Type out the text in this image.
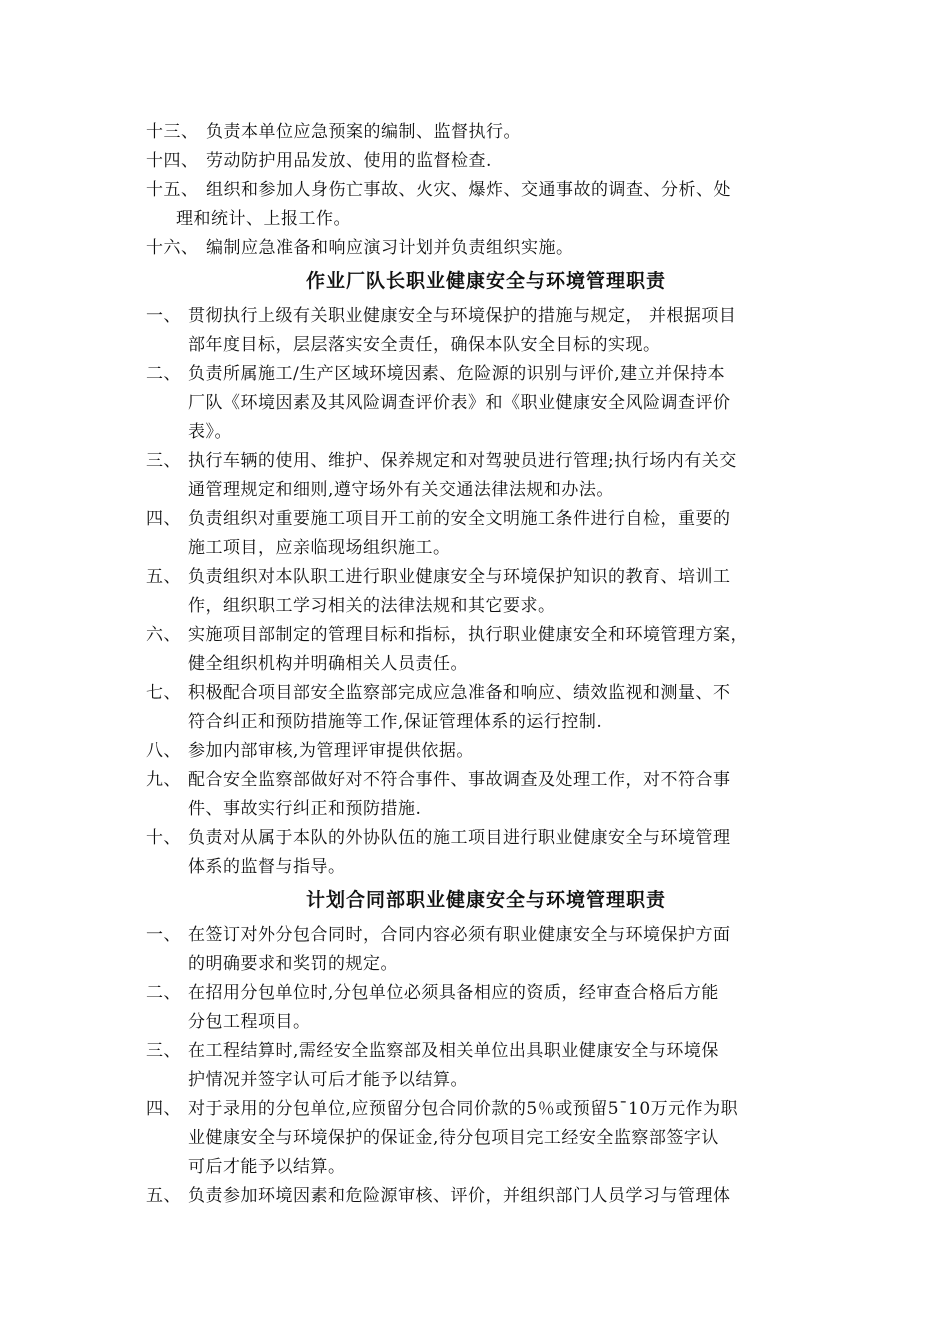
十三、 负责本单位应急预案的编制、监督执行。
十四、 劳动防护用品发放、使用的监督检查.
十五、 组织和参加人身伤亡事故、火灾、爆炸、交通事故的调查、分析、处
理和统计、上报工作。
十六、 编制应急准备和响应演习计划并负责组织实施。
作业厂队长职业健康安全与环境管理职责
一、 贯彻执行上级有关职业健康安全与环境保护的措施与规定， 并根据项目
部年度目标，层层落实安全责任，确保本队安全目标的实现。
二、 负责所属施工/生产区域环境因素、危险源的识别与评价,建立并保持本
厂队《环境因素及其风险调查评价表》和《职业健康安全风险调查评价
表》。
三、 执行车辆的使用、维护、保养规定和对驾驶员进行管理;执行场内有关交
通管理规定和细则,遵守场外有关交通法律法规和办法。
四、 负责组织对重要施工项目开工前的安全文明施工条件进行自检，重要的
施工项目，应亲临现场组织施工。
五、 负责组织对本队职工进行职业健康安全与环境保护知识的教育、培训工
作，组织职工学习相关的法律法规和其它要求。
六、 实施项目部制定的管理目标和指标，执行职业健康安全和环境管理方案，
健全组织机构并明确相关人员责任。
七、 积极配合项目部安全监察部完成应急准备和响应、绩效监视和测量、不
符合纠正和预防措施等工作,保证管理体系的运行控制.
八、 参加内部审核,为管理评审提供依据。
九、 配合安全监察部做好对不符合事件、事故调查及处理工作，对不符合事
件、事故实行纠正和预防措施.
十、 负责对从属于本队的外协队伍的施工项目进行职业健康安全与环境管理
体系的监督与指导。
计划合同部职业健康安全与环境管理职责
一、 在签订对外分包合同时，合同内容必须有职业健康安全与环境保护方面
的明确要求和奖罚的规定。
二、 在招用分包单位时,分包单位必须具备相应的资质，经审查合格后方能
分包工程项目。
三、 在工程结算时,需经安全监察部及相关单位出具职业健康安全与环境保
护情况并签字认可后才能予以结算。
四、 对于录用的分包单位,应预留分包合同价款的5％或预留5¯10万元作为职
业健康安全与环境保护的保证金,待分包项目完工经安全监察部签字认
可后才能予以结算。
五、 负责参加环境因素和危险源审核、评价，并组织部门人员学习与管理体
